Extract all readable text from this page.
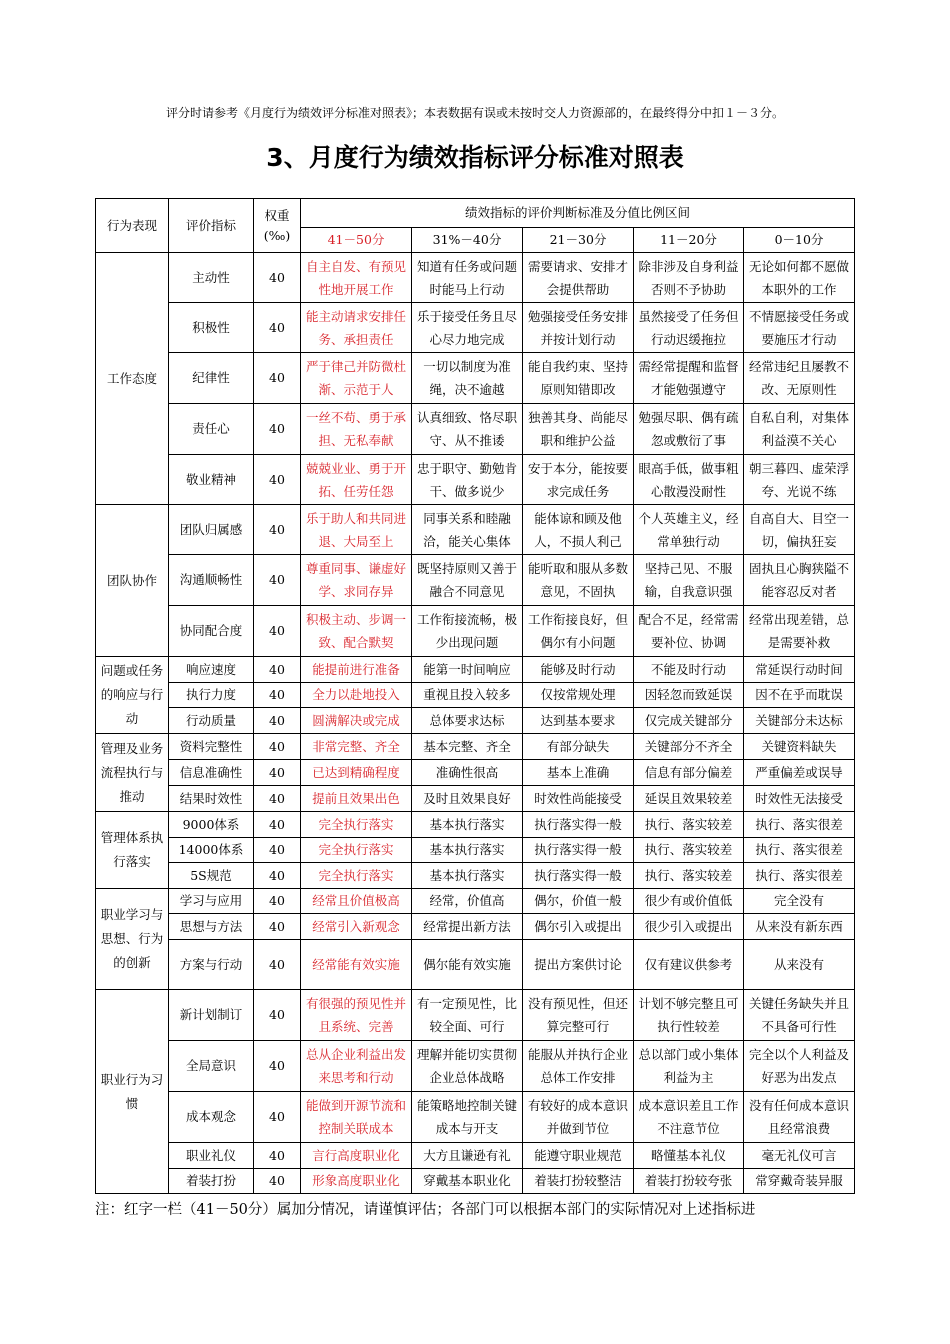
评分时请参考《月度行为绩效评分标准对照表》；本表数据有误或未按时交人力资源部的，在最终得分中扣１－３分。
3、月度行为绩效指标评分标准对照表
行为表现	评价指标	权重(‰)	绩效指标的评价判断标准及分值比例区间				
			41－50分	31%－40分	21－30分	11－20分	0－10分
工作态度	主动性	40	自主自发、有预见性地开展工作	知道有任务或问题时能马上行动	需要请求、安排才会提供帮助	除非涉及自身利益否则不予协助	无论如何都不愿做本职外的工作
	积极性	40	能主动请求安排任务、承担责任	乐于接受任务且尽心尽力地完成	勉强接受任务安排并按计划行动	虽然接受了任务但行动迟缓拖拉	不情愿接受任务或要施压才行动
	纪律性	40	严于律己并防微杜渐、示范于人	一切以制度为准绳，决不逾越	能自我约束、坚持原则知错即改	需经常提醒和监督才能勉强遵守	经常违纪且屡教不改、无原则性
	责任心	40	一丝不苟、勇于承担、无私奉献	认真细致、恪尽职守、从不推诿	独善其身、尚能尽职和维护公益	勉强尽职、偶有疏忽或敷衍了事	自私自利，对集体利益漠不关心
	敬业精神	40	兢兢业业、勇于开拓、任劳任怨	忠于职守、勤勉肯干、做多说少	安于本分，能按要求完成任务	眼高手低，做事粗心散漫没耐性	朝三暮四、虚荣浮夸、光说不练
团队协作	团队归属感	40	乐于助人和共同进退、大局至上	同事关系和睦融洽，能关心集体	能体谅和顾及他人，不损人利己	个人英雄主义，经常单独行动	自高自大、目空一切，偏执狂妄
	沟通顺畅性	40	尊重同事、谦虚好学、求同存异	既坚持原则又善于融合不同意见	能听取和服从多数意见，不固执	坚持己见、不服输，自我意识强	固执且心胸狭隘不能容忍反对者
	协同配合度	40	积极主动、步调一致、配合默契	工作衔接流畅，极少出现问题	工作衔接良好，但偶尔有小问题	配合不足，经常需要补位、协调	经常出现差错，总是需要补救
问题或任务的响应与行动	响应速度	40	能提前进行准备	能第一时间响应	能够及时行动	不能及时行动	常延误行动时间
	执行力度	40	全力以赴地投入	重视且投入较多	仅按常规处理	因轻忽而致延误	因不在乎而耽误
	行动质量	40	圆满解决或完成	总体要求达标	达到基本要求	仅完成关键部分	关键部分未达标
管理及业务流程执行与推动	资料完整性	40	非常完整、齐全	基本完整、齐全	有部分缺失	关键部分不齐全	关键资料缺失
	信息准确性	40	已达到精确程度	准确性很高	基本上准确	信息有部分偏差	严重偏差或误导
	结果时效性	40	提前且效果出色	及时且效果良好	时效性尚能接受	延误且效果较差	时效性无法接受
管理体系执行落实	9000体系	40	完全执行落实	基本执行落实	执行落实得一般	执行、落实较差	执行、落实很差
	14000体系	40	完全执行落实	基本执行落实	执行落实得一般	执行、落实较差	执行、落实很差
	5S规范	40	完全执行落实	基本执行落实	执行落实得一般	执行、落实较差	执行、落实很差
职业学习与思想、行为的创新	学习与应用	40	经常且价值极高	经常，价值高	偶尔，价值一般	很少有或价值低	完全没有
	思想与方法	40	经常引入新观念	经常提出新方法	偶尔引入或提出	很少引入或提出	从来没有新东西
	方案与行动	40	经常能有效实施	偶尔能有效实施	提出方案供讨论	仅有建议供参考	从来没有
职业行为习惯	新计划制订	40	有很强的预见性并且系统、完善	有一定预见性，比较全面、可行	没有预见性，但还算完整可行	计划不够完整且可执行性较差	关键任务缺失并且不具备可行性
	全局意识	40	总从企业利益出发来思考和行动	理解并能切实贯彻企业总体战略	能服从并执行企业总体工作安排	总以部门或小集体利益为主	完全以个人利益及好恶为出发点
	成本观念	40	能做到开源节流和控制关联成本	能策略地控制关键成本与开支	有较好的成本意识并做到节位	成本意识差且工作不注意节位	没有任何成本意识且经常浪费
	职业礼仪	40	言行高度职业化	大方且谦逊有礼	能遵守职业规范	略懂基本礼仪	毫无礼仪可言
	着装打扮	40	形象高度职业化	穿戴基本职业化	着装打扮较整洁	着装打扮较夸张	常穿戴奇装异服
注：红字一栏（41－50分）属加分情况，请谨慎评估；各部门可以根据本部门的实际情况对上述指标进
